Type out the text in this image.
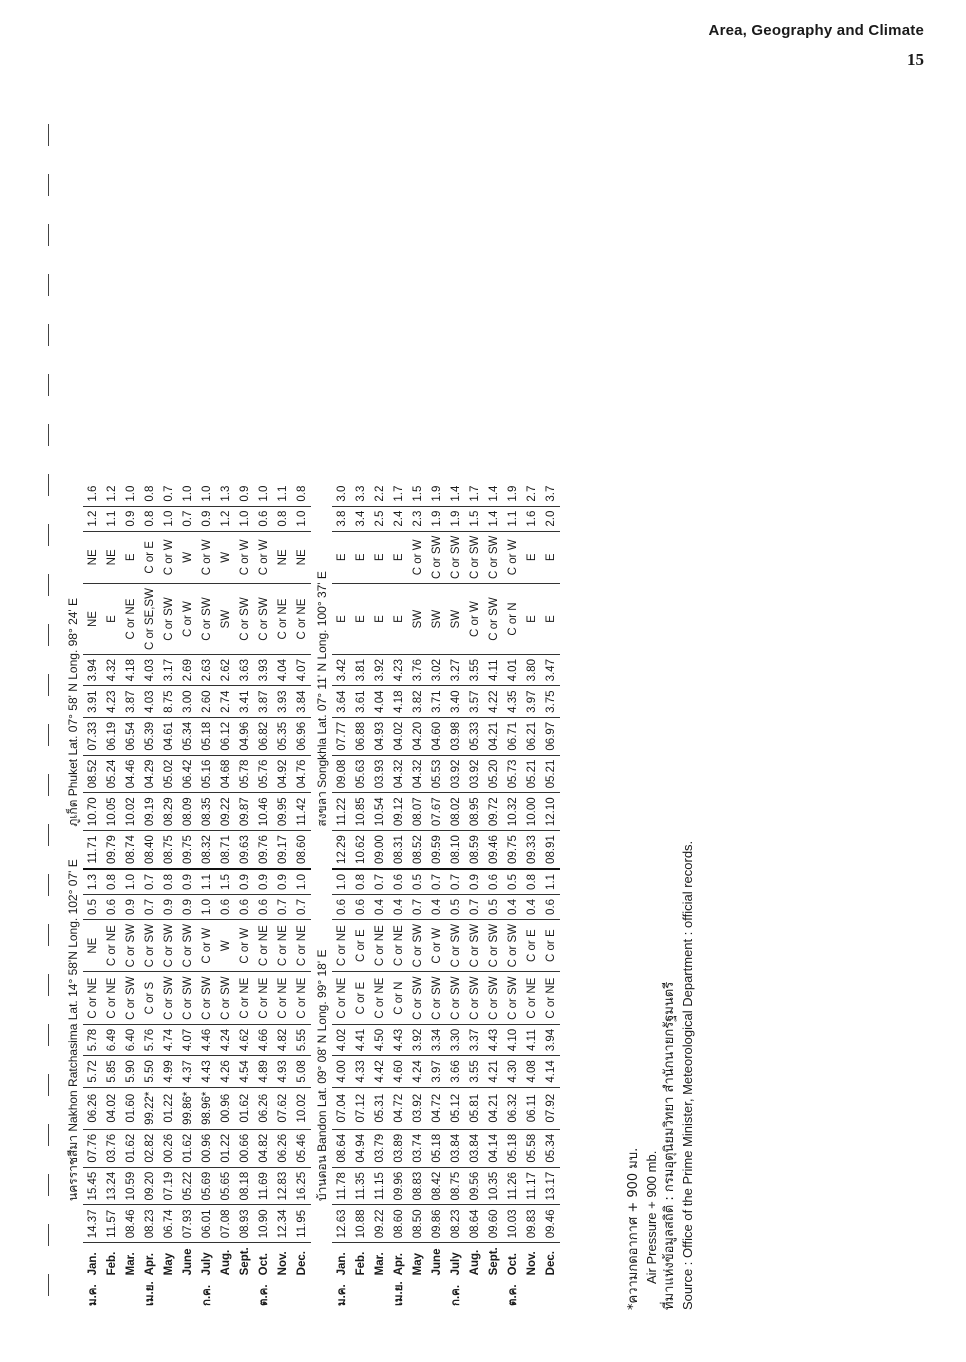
Area, Geography and Climate
15
			นครราชสีมา Nakhon Ratchasima Lat. 14° 58'N Long. 102° 07' E										ภูเก็ต Phuket Lat. 07° 58' N Long. 98° 24' E								
ม.ค.	Jan.	14.37	15.45	07.76	06.26	5.72	5.78	C or NE	NE	0.5	1.3	11.71	10.70	08.52	07.33	3.91	3.94	NE	NE	1.2	1.6
	Feb.	11.57	13.24	03.76	04.02	5.85	6.49	C or NE	C or NE	0.6	0.8	09.79	10.05	05.24	06.19	4.23	4.32	E	NE	1.1	1.2
	Mar.	08.46	10.59	01.62	01.60	5.90	6.40	C or SW	C or SW	0.9	1.0	08.74	10.02	04.46	06.54	3.87	4.18	C or NE	E	0.9	1.0
เม.ย.	Apr.	08.23	09.20	02.82	99.22*	5.50	5.76	C or S	C or SW	0.7	0.7	08.40	09.19	04.29	05.39	4.03	4.03	C or SE,SW	C or E	0.8	0.8
	May	06.74	07.19	00.26	01.22	4.99	4.74	C or SW	C or SW	0.9	0.8	08.75	08.29	05.02	04.61	8.75	3.17	C or SW	C or W	1.0	0.7
	June	07.93	05.22	01.62	99.86*	4.37	4.07	C or SW	C or SW	0.9	0.9	09.75	08.09	06.42	05.34	3.00	2.69	C or W	W	0.7	1.0
ก.ค.	July	06.01	05.69	00.96	98.96*	4.43	4.46	C or SW	C or W	1.0	1.1	08.32	08.35	05.16	05.18	2.60	2.63	C or SW	C or W	0.9	1.0
	Aug.	07.08	05.65	01.22	00.96	4.26	4.24	C or SW	W	0.6	1.5	08.71	09.22	04.68	06.12	2.74	2.62	SW	W	1.2	1.3
	Sept.	08.93	08.18	00.66	01.62	4.54	4.62	C or NE	C or W	0.6	0.9	09.63	09.87	05.78	04.96	3.41	3.63	C or SW	C or W	1.0	0.9
ต.ค.	Oct.	10.90	11.69	04.82	06.26	4.89	4.66	C or NE	C or NE	0.6	0.9	09.76	10.46	05.76	06.82	3.87	3.93	C or SW	C or W	0.6	1.0
	Nov.	12.34	12.83	06.26	07.62	4.93	4.82	C or NE	C or NE	0.7	0.9	09.17	09.95	04.92	05.35	3.93	4.04	C or NE	NE	0.8	1.1
	Dec.	11.95	16.25	05.46	10.02	5.08	5.55	C or NE	C or NE	0.7	1.0	08.60	11.42	04.76	06.96	3.84	4.07	C or NE	NE	1.0	0.8
			บ้านดอน Bandon Lat. 09° 08' N Long. 99° 18' E										สงขลา Songkhla Lat. 07° 11' N Long. 100° 37' E								
ม.ค.	Jan.	12.63	11.78	08.64	07.04	4.00	4.02	C or NE	C or NE	0.6	1.0	12.29	11.22	09.08	07.77	3.64	3.42	E	E	3.8	3.0
	Feb.	10.88	11.35	04.94	07.12	4.33	4.41	C or E	C or E	0.6	0.8	10.62	10.85	05.63	06.88	3.61	3.81	E	E	3.4	3.3
	Mar.	09.22	11.15	03.79	05.31	4.42	4.50	C or NE	C or NE	0.4	0.7	09.00	10.54	03.93	04.93	4.04	3.92	E	E	2.5	2.2
เม.ย.	Apr.	08.60	09.96	03.89	04.72	4.60	4.43	C or N	C or NE	0.4	0.6	08.31	09.12	04.32	04.02	4.18	4.23	E	E	2.4	1.7
	May	08.50	08.83	03.74	03.92	4.24	3.92	C or SW	C or SW	0.7	0.5	08.52	08.07	04.32	04.20	3.82	3.76	SW	C or W	2.3	1.5
	June	09.86	08.42	05.18	04.72	3.97	3.34	C or SW	C or W	0.4	0.7	09.59	07.67	05.53	04.60	3.71	3.02	SW	C or SW	1.9	1.9
ก.ค.	July	08.23	08.75	03.84	05.12	3.66	3.30	C or SW	C or SW	0.5	0.7	08.10	08.02	03.92	03.98	3.40	3.27	SW	C or SW	1.9	1.4
	Aug.	08.64	09.56	03.84	05.81	3.55	3.37	C or SW	C or SW	0.7	0.9	08.59	08.95	03.92	05.33	3.57	3.55	C or W	C or SW	1.5	1.7
	Sept.	09.60	10.35	04.14	04.21	4.21	4.43	C or SW	C or SW	0.5	0.6	09.46	09.72	05.20	04.21	4.22	4.11	C or SW	C or SW	1.4	1.4
ต.ค.	Oct.	10.03	11.26	05.18	06.32	4.30	4.10	C or SW	C or SW	0.4	0.5	09.75	10.32	05.73	06.71	4.35	4.01	C or N	C or W	1.1	1.9
	Nov.	09.83	11.17	05.58	06.11	4.08	4.11	C or NE	C or E	0.4	0.8	09.33	10.00	05.21	06.21	3.97	3.80	E	E	1.6	2.7
	Dec.	09.46	13.17	05.34	07.92	4.14	3.94	C or NE	C or E	0.6	1.1	08.91	12.10	05.21	06.97	3.75	3.47	E	E	2.0	3.7
*ความกดอากาศ + 900 มบ. Air Pressure + 900 mb. ที่มาแห่งข้อมูลสถิติ : กรมอุตุนิยมวิทยา สำนักนายกรัฐมนตรี Source : Office of the Prime Minister, Meteorological Department : official records.
